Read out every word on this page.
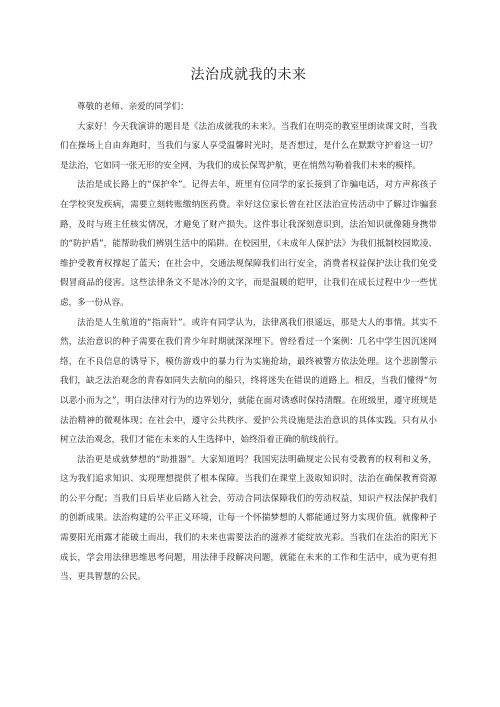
法治成就我的未来

尊敬的老师、亲爱的同学们：

大家好！今天我演讲的题目是《法治成就我的未来》。当我们在明亮的教室里朗读课文时，当我们在操场上自由奔跑时，当我们与家人享受温馨时光时，是否想过，是什么在默默守护着这一切？是法治，它如同一张无形的安全网，为我们的成长保驾护航，更在悄然勾勒着我们未来的模样。

法治是成长路上的“保护伞”。记得去年，班里有位同学的家长接到了诈骗电话，对方声称孩子在学校突发疾病，需要立刻转账缴纳医药费。幸好这位家长曾在社区法治宣传活动中了解过诈骗套路，及时与班主任核实情况，才避免了财产损失。这件事让我深刻意识到，法治知识就像随身携带的“防护盾”，能帮助我们辨别生活中的陷阱。在校园里，《未成年人保护法》为我们抵制校园欺凌、维护受教育权撑起了蓝天；在社会中，交通法规保障我们出行安全，消费者权益保护法让我们免受假冒商品的侵害。这些法律条文不是冰冷的文字，而是温暖的铠甲，让我们在成长过程中少一些忧虑，多一份从容。

法治是人生航道的“指南针”。或许有同学认为，法律离我们很遥远，那是大人的事情。其实不然，法治意识的种子需要在我们青少年时期就深深埋下。曾经看过一个案例：几名中学生因沉迷网络，在不良信息的诱导下，模仿游戏中的暴力行为实施抢劫，最终被警方依法处理。这个悲剧警示我们，缺乏法治观念的青春如同失去航向的船只，终将迷失在错误的道路上。相反，当我们懂得“勿以恶小而为之”，明白法律对行为的边界划分，就能在面对诱惑时保持清醒。在班级里，遵守班规是法治精神的微观体现；在社会中，遵守公共秩序、爱护公共设施是法治意识的具体实践。只有从小树立法治观念，我们才能在未来的人生选择中，始终沿着正确的航线前行。

法治更是成就梦想的“助推器”。大家知道吗？我国宪法明确规定公民有受教育的权利和义务，这为我们追求知识、实现理想提供了根本保障。当我们在课堂上汲取知识时，法治在确保教育资源的公平分配；当我们日后毕业后踏入社会，劳动合同法保障我们的劳动权益，知识产权法保护我们的创新成果。法治构建的公平正义环境，让每一个怀揣梦想的人都能通过努力实现价值。就像种子需要阳光雨露才能破土而出，我们的未来也需要法治的滋养才能绽放光彩。当我们在法治的阳光下成长，学会用法律思维思考问题，用法律手段解决问题，就能在未来的工作和生活中，成为更有担当、更具智慧的公民。
